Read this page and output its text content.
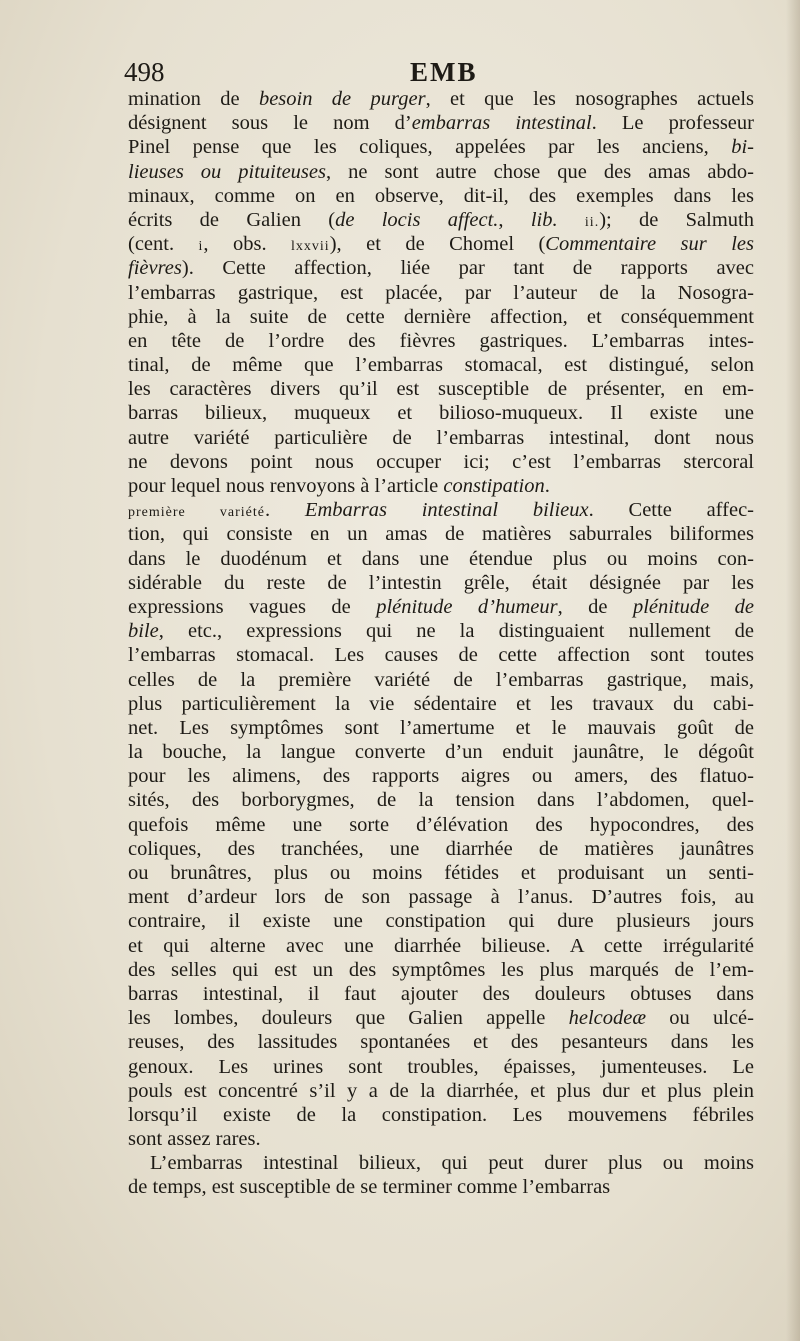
498	EMB
mination de besoin de purger, et que les nosographes actuels
désignent sous le nom d’embarras intestinal. Le professeur
Pinel pense que les coliques, appelées par les anciens, bi-
lieuses ou pituiteuses, ne sont autre chose que des amas abdo-
minaux, comme on en observe, dit-il, des exemples dans les
écrits de Galien (de locis affect., lib. ii.); de Salmuth
(cent. i, obs. lxxvii), et de Chomel (Commentaire sur les
fièvres). Cette affection, liée par tant de rapports avec
l’embarras gastrique, est placée, par l’auteur de la Nosogra-
phie, à la suite de cette dernière affection, et conséquemment
en tête de l’ordre des fièvres gastriques. L’embarras intes-
tinal, de même que l’embarras stomacal, est distingué, selon
les caractères divers qu’il est susceptible de présenter, en em-
barras bilieux, muqueux et bilioso-muqueux. Il existe une
autre variété particulière de l’embarras intestinal, dont nous
ne devons point nous occuper ici; c’est l’embarras stercoral
pour lequel nous renvoyons à l’article constipation.
première variété. Embarras intestinal bilieux. Cette affec-
tion, qui consiste en un amas de matières saburrales biliformes
dans le duodénum et dans une étendue plus ou moins con-
sidérable du reste de l’intestin grêle, était désignée par les
expressions vagues de plénitude d’humeur, de plénitude de
bile, etc., expressions qui ne la distinguaient nullement de
l’embarras stomacal. Les causes de cette affection sont toutes
celles de la première variété de l’embarras gastrique, mais,
plus particulièrement la vie sédentaire et les travaux du cabi-
net. Les symptômes sont l’amertume et le mauvais goût de
la bouche, la langue converte d’un enduit jaunâtre, le dégoût
pour les alimens, des rapports aigres ou amers, des flatuo-
sités, des borborygmes, de la tension dans l’abdomen, quel-
quefois même une sorte d’élévation des hypocondres, des
coliques, des tranchées, une diarrhée de matières jaunâtres
ou brunâtres, plus ou moins fétides et produisant un senti-
ment d’ardeur lors de son passage à l’anus. D’autres fois, au
contraire, il existe une constipation qui dure plusieurs jours
et qui alterne avec une diarrhée bilieuse. A cette irrégularité
des selles qui est un des symptômes les plus marqués de l’em-
barras intestinal, il faut ajouter des douleurs obtuses dans
les lombes, douleurs que Galien appelle helcodeæ ou ulcé-
reuses, des lassitudes spontanées et des pesanteurs dans les
genoux. Les urines sont troubles, épaisses, jumenteuses. Le
pouls est concentré s’il y a de la diarrhée, et plus dur et plus plein
lorsqu’il existe de la constipation. Les mouvemens fébriles
sont assez rares.
L’embarras intestinal bilieux, qui peut durer plus ou moins
de temps, est susceptible de se terminer comme l’embarras
